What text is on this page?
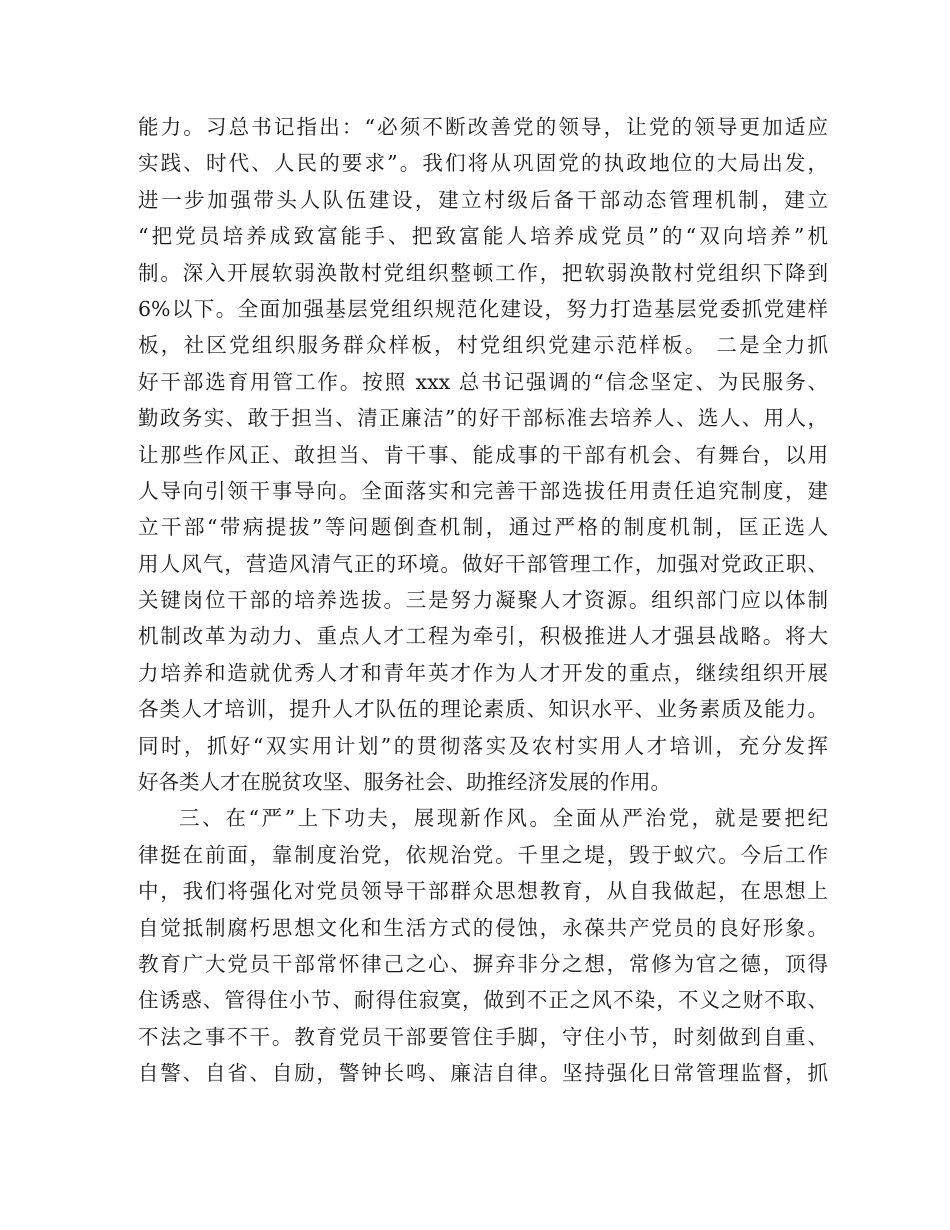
能力。习总书记指出：“必须不断改善党的领导，让党的领导更加适应
实践、时代、人民的要求”。我们将从巩固党的执政地位的大局出发，
进一步加强带头人队伍建设，建立村级后备干部动态管理机制，建立
“把党员培养成致富能手、把致富能人培养成党员”的“双向培养”机
制。深入开展软弱涣散村党组织整顿工作，把软弱涣散村党组织下降到
6%以下。全面加强基层党组织规范化建设，努力打造基层党委抓党建样
板，社区党组织服务群众样板，村党组织党建示范样板。 二是全力抓
好干部选育用管工作。按照 xxx 总书记强调的“信念坚定、为民服务、
勤政务实、敢于担当、清正廉洁”的好干部标准去培养人、选人、用人，
让那些作风正、敢担当、肯干事、能成事的干部有机会、有舞台，以用
人导向引领干事导向。全面落实和完善干部选拔任用责任追究制度，建
立干部“带病提拔”等问题倒查机制，通过严格的制度机制，匡正选人
用人风气，营造风清气正的环境。做好干部管理工作，加强对党政正职、
关键岗位干部的培养选拔。三是努力凝聚人才资源。组织部门应以体制
机制改革为动力、重点人才工程为牵引，积极推进人才强县战略。将大
力培养和造就优秀人才和青年英才作为人才开发的重点，继续组织开展
各类人才培训，提升人才队伍的理论素质、知识水平、业务素质及能力。
同时，抓好“双实用计划”的贯彻落实及农村实用人才培训，充分发挥
好各类人才在脱贫攻坚、服务社会、助推经济发展的作用。
三、在“严”上下功夫，展现新作风。全面从严治党，就是要把纪
律挺在前面，靠制度治党，依规治党。千里之堤，毁于蚁穴。今后工作
中，我们将强化对党员领导干部群众思想教育，从自我做起，在思想上
自觉抵制腐朽思想文化和生活方式的侵蚀，永葆共产党员的良好形象。
教育广大党员干部常怀律己之心、摒弃非分之想，常修为官之德，顶得
住诱惑、管得住小节、耐得住寂寞，做到不正之风不染，不义之财不取、
不法之事不干。教育党员干部要管住手脚，守住小节，时刻做到自重、
自警、自省、自励，警钟长鸣、廉洁自律。坚持强化日常管理监督，抓
